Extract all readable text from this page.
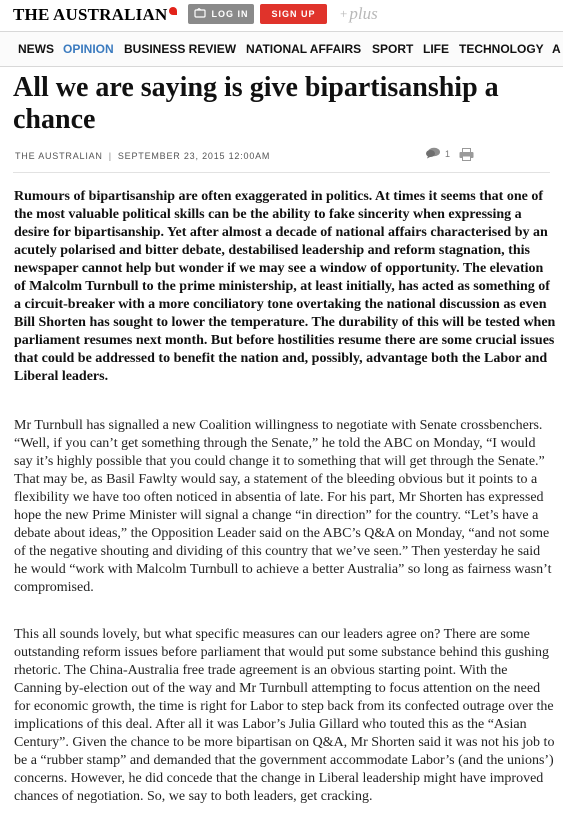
THE AUSTRALIAN	LOG IN	SIGN UP + plus
NEWS OPINION BUSINESS REVIEW NATIONAL AFFAIRS SPORT LIFE TECHNOLOGY A
All we are saying is give bipartisanship a chance
THE AUSTRALIAN | SEPTEMBER 23, 2015 12:00AM	1

Rumours of bipartisanship are often exaggerated in politics. At times it seems that one of the most valuable political skills can be the ability to fake sincerity when expressing a desire for bipartisanship. Yet after almost a decade of national affairs characterised by an acutely polarised and bitter debate, destabilised leadership and reform stagnation, this newspaper cannot help but wonder if we may see a window of opportunity. The elevation of Malcolm Turnbull to the prime ministership, at least initially, has acted as something of a circuit-breaker with a more conciliatory tone overtaking the national discussion as even Bill Shorten has sought to lower the temperature. The durability of this will be tested when parliament resumes next month. But before hostilities resume there are some crucial issues that could be addressed to benefit the nation and, possibly, advantage both the Labor and Liberal leaders.

Mr Turnbull has signalled a new Coalition willingness to negotiate with Senate crossbenchers. “Well, if you can’t get something through the Senate,” he told the ABC on Monday, “I would say it’s highly possible that you could change it to something that will get through the Senate.” That may be, as Basil Fawlty would say, a statement of the bleeding obvious but it points to a flexibility we have too often noticed in absentia of late. For his part, Mr Shorten has expressed hope the new Prime Minister will signal a change “in direction” for the country. “Let’s have a debate about ideas,” the Opposition Leader said on the ABC’s Q&A on Monday, “and not some of the negative shouting and dividing of this country that we’ve seen.” Then yesterday he said he would “work with Malcolm Turnbull to achieve a better Australia” so long as fairness wasn’t compromised.

This all sounds lovely, but what specific measures can our leaders agree on? There are some outstanding reform issues before parliament that would put some substance behind this gushing rhetoric. The China-Australia free trade agreement is an obvious starting point. With the Canning by-election out of the way and Mr Turnbull attempting to focus attention on the need for economic growth, the time is right for Labor to step back from its confected outrage over the implications of this deal. After all it was Labor’s Julia Gillard who touted this as the “Asian Century”. Given the chance to be more bipartisan on Q&A, Mr Shorten said it was not his job to be a “rubber stamp” and demanded that the government accommodate Labor’s (and the unions’) concerns. However, he did concede that the change in Liberal leadership might have improved chances of negotiation. So, we say to both leaders, get cracking.
